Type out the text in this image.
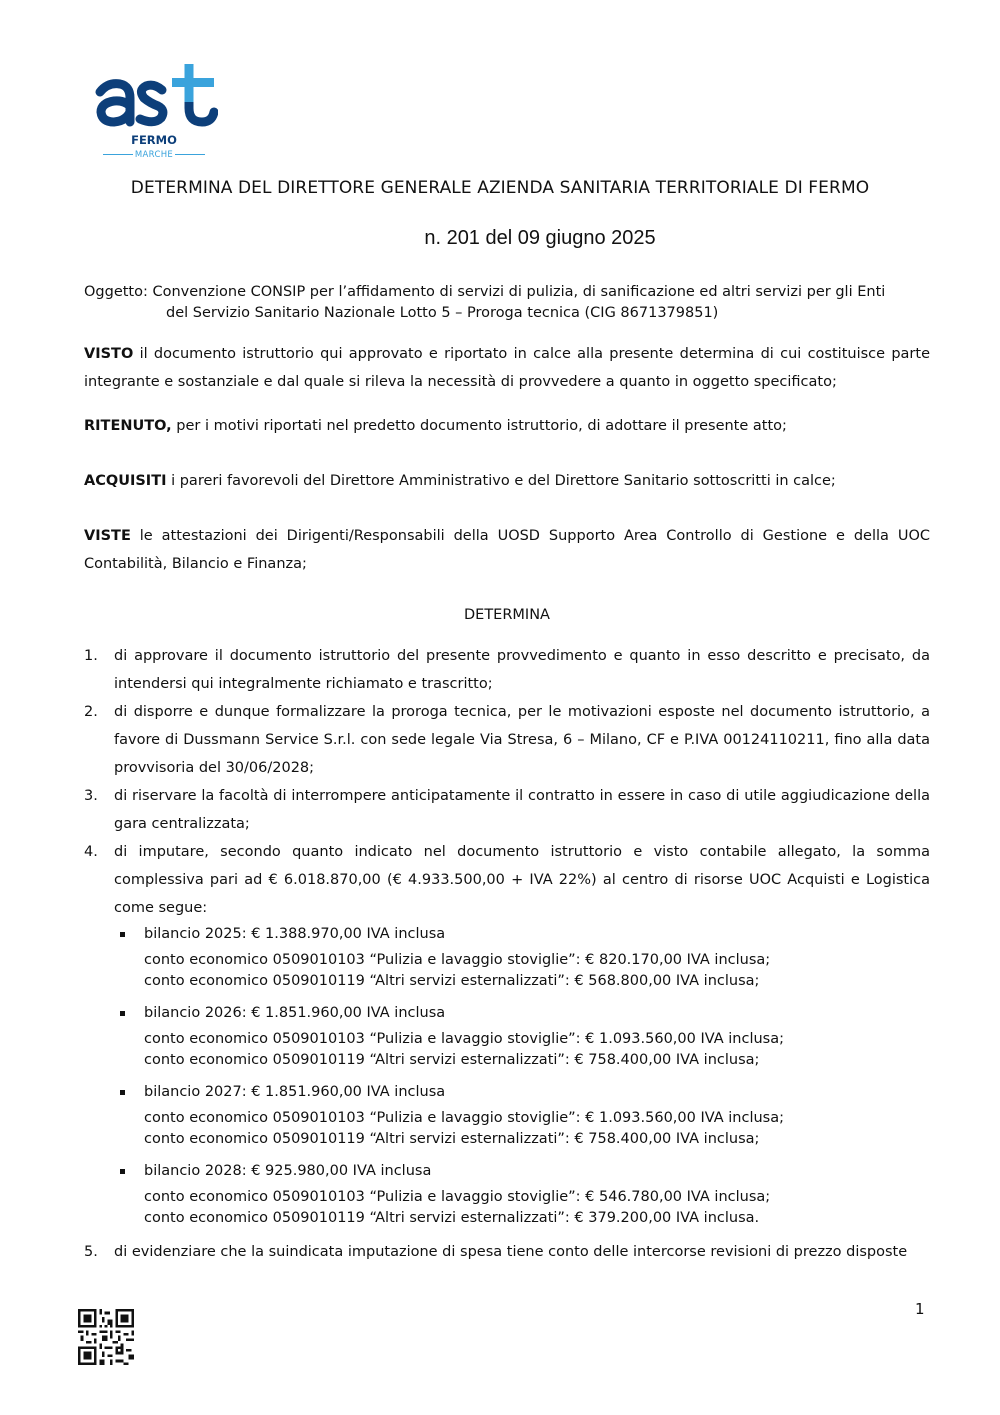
FERMO
MARCHE
DETERMINA DEL DIRETTORE GENERALE AZIENDA SANITARIA TERRITORIALE DI FERMO
n. 201 del 09 giugno 2025
Oggetto: Convenzione CONSIP per l’affidamento di servizi di pulizia, di sanificazione ed altri servizi per gli Enti
del Servizio Sanitario Nazionale Lotto 5 – Proroga tecnica (CIG 8671379851)
VISTO il documento istruttorio qui approvato e riportato in calce alla presente determina di cui costituisce parte integrante e sostanziale e dal quale si rileva la necessità di provvedere a quanto in oggetto specificato;
RITENUTO, per i motivi riportati nel predetto documento istruttorio, di adottare il presente atto;
ACQUISITI i pareri favorevoli del Direttore Amministrativo e del Direttore Sanitario sottoscritti in calce;
VISTE le attestazioni dei Dirigenti/Responsabili della UOSD Supporto Area Controllo di Gestione e della UOC Contabilità, Bilancio e Finanza;
DETERMINA
1. di approvare il documento istruttorio del presente provvedimento e quanto in esso descritto e precisato, da intendersi qui integralmente richiamato e trascritto;
2. di disporre e dunque formalizzare la proroga tecnica, per le motivazioni esposte nel documento istruttorio, a favore di Dussmann Service S.r.l. con sede legale Via Stresa, 6 – Milano, CF e P.IVA 00124110211, fino alla data provvisoria del 30/06/2028;
3. di riservare la facoltà di interrompere anticipatamente il contratto in essere in caso di utile aggiudicazione della gara centralizzata;
4. di imputare, secondo quanto indicato nel documento istruttorio e visto contabile allegato, la somma complessiva pari ad € 6.018.870,00 (€ 4.933.500,00 + IVA 22%) al centro di risorse UOC Acquisti e Logistica come segue:
bilancio 2025: € 1.388.970,00 IVA inclusa
conto economico 0509010103 “Pulizia e lavaggio stoviglie”: € 820.170,00 IVA inclusa;
conto economico 0509010119 “Altri servizi esternalizzati”: € 568.800,00 IVA inclusa;
bilancio 2026: € 1.851.960,00 IVA inclusa
conto economico 0509010103 “Pulizia e lavaggio stoviglie”: € 1.093.560,00 IVA inclusa;
conto economico 0509010119 “Altri servizi esternalizzati”: € 758.400,00 IVA inclusa;
bilancio 2027: € 1.851.960,00 IVA inclusa
conto economico 0509010103 “Pulizia e lavaggio stoviglie”: € 1.093.560,00 IVA inclusa;
conto economico 0509010119 “Altri servizi esternalizzati”: € 758.400,00 IVA inclusa;
bilancio 2028: € 925.980,00 IVA inclusa
conto economico 0509010103 “Pulizia e lavaggio stoviglie”: € 546.780,00 IVA inclusa;
conto economico 0509010119 “Altri servizi esternalizzati”: € 379.200,00 IVA inclusa.
5. di evidenziare che la suindicata imputazione di spesa tiene conto delle intercorse revisioni di prezzo disposte
1
